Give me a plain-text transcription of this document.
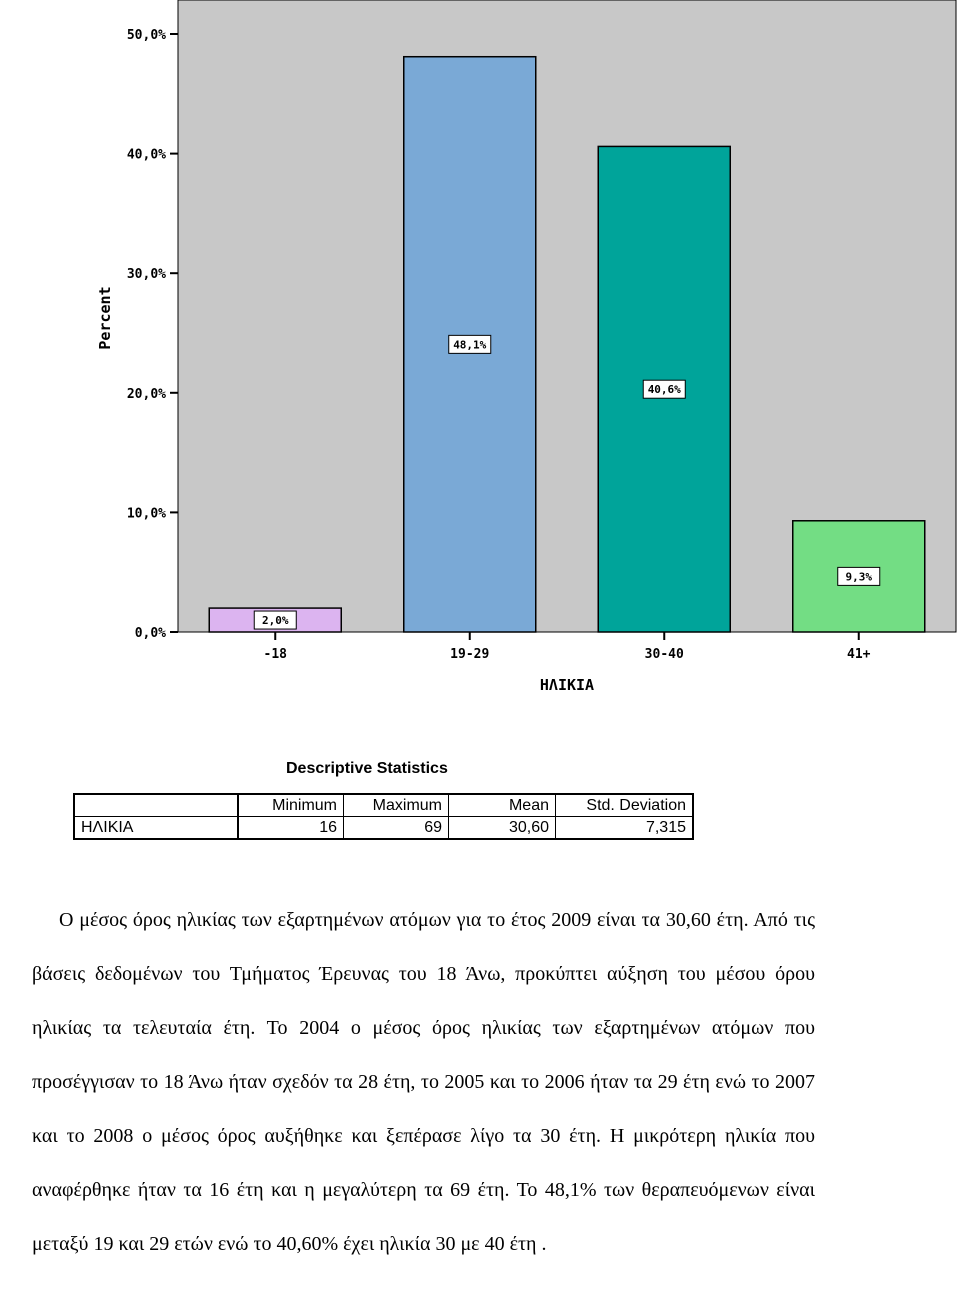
0,0%
10,0%
20,0%
30,0%
40,0%
50,0%
2,0%
48,1%
40,6%
9,3%
-18	19-29	30-40	41+
Percent
ΗΛΙΚΙΑ
Descriptive Statistics
	Minimum	Maximum	Mean	Std. Deviation
ΗΛΙΚΙΑ	16	69	30,60	7,315
Ο μέσος όρος ηλικίας των εξαρτημένων ατόμων για το έτος 2009 είναι τα 30,60 έτη. Από τις βάσεις δεδομένων του Τμήματος Έρευνας του 18 Άνω, προκύπτει αύξηση του μέσου όρου ηλικίας τα τελευταία έτη. Το 2004 ο μέσος όρος ηλικίας των εξαρτημένων ατόμων που προσέγγισαν το 18 Άνω ήταν σχεδόν τα 28 έτη, το 2005 και το 2006 ήταν τα 29 έτη ενώ το 2007 και το 2008 ο μέσος όρος αυξήθηκε και ξεπέρασε λίγο τα 30 έτη. Η μικρότερη ηλικία που αναφέρθηκε ήταν τα 16 έτη και η μεγαλύτερη τα 69 έτη. Το 48,1% των θεραπευόμενων είναι μεταξύ 19 και 29 ετών ενώ το 40,60% έχει ηλικία 30 με 40 έτη .
